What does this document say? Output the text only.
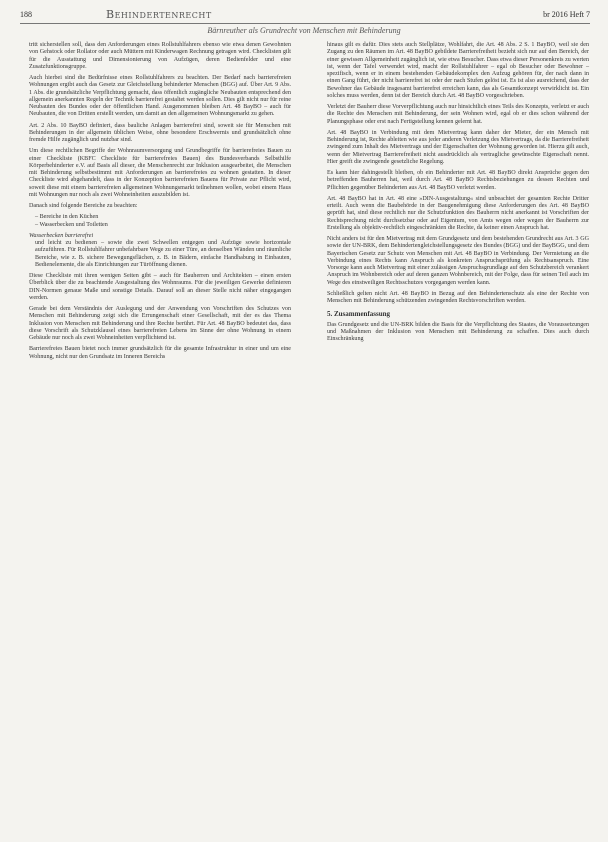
188	Behindertenrecht	br 2016 Heft 7
Bärnreuther als Grundrecht von Menschen mit Behinderung

tritt sicherstellen soll, dass den Anforderungen eines Rollstuhlfahrers ebenso wie etwa denen Gewohnten von Gehstock oder Rollator oder auch Müttern mit Kinderwagen Rechnung getragen wird. Checklisten gilt für die Ausstattung und Dimensionierung von Aufzügen, deren Bedienfelder und eine Zusatzfunktionsgruppe.

Auch hierbei sind die Bedürfnisse eines Rollstuhlfahrers zu beachten. Der Bedarf nach barrierefreien Wohnungen ergibt auch das Gesetz zur Gleichstellung behinderter Menschen (BGG) auf. Über Art. 9 Abs. 1 Abs. die grundsätzliche Verpflichtung gemacht, dass öffentlich zugängliche Neubauten entsprechend den allgemein anerkannten Regeln der Technik barrierefrei gestaltet werden sollen. Dies gilt nicht nur für reine Neubauten des Bundes oder der öffentlichen Hand. Ausgenommen bleiben Art. 48 BayBO – auch für Neubauten, die von Dritten erstellt werden, um damit an den allgemeinen Wohnungsmarkt zu gehen.

Art. 2 Abs. 10 BayBO definiert, dass bauliche Anlagen barrierefrei sind, soweit sie für Menschen mit Behinderungen in der allgemein üblichen Weise, ohne besondere Erschwernis und grundsätzlich ohne fremde Hilfe zugänglich und nutzbar sind.

Um diese rechtlichen Begriffe der Wohnraumversorgung und Grundbegriffe für barrierefreies Bauen zu einer Checkliste (KBFC Checkliste für barrierefreies Bauen) des Bundesverbands Selbsthilfe Körperbehinderter e.V. auf Basis all dieser, die Menschenrecht zur Inklusion ausgearbeitet, die Menschen mit Behinderung selbstbestimmt mit Anforderungen an barrierefreies zu wohnen gestatten. In dieser Checkliste wird abgehandelt, dass in der Konzeption barrierefreien Bauens für Private zur Pflicht wird, soweit diese mit einem barrierefreien allgemeinen Wohnungsmarkt teilnehmen wollen, wobei einem Haus mit Wohnungen nur noch als zwei Wohneinheiten auszubilden ist.

Danach sind folgende Bereiche zu beachten:

– Bereiche in den Küchen
– Wasserbecken und Toiletten

Wasserbecken barrierefrei

und leicht zu bedienen – sowie die zwei Schwellen entgegen und Aufzüge sowie horizontale aufzuführen. Für Rollstuhlfahrer unbefahrbare Wege zu einer Türe, an denselben Wänden und räumliche Bereiche, wie z. B. sichere Bewegungsflächen, z. B. in Bädern, einfache Handhabung in Einbauten, Bedienelemente, die als Einrichtungen zur Türöffnung dienen.

Diese Checkliste mit ihren wenigen Seiten gibt – auch für Bauherren und Architekten – einen ersten Überblick über die zu beachtende Ausgestaltung des Wohnraums. Für die jeweiligen Gewerke definieren DIN-Normen genaue Maße und sonstige Details. Darauf soll an dieser Stelle nicht näher eingegangen werden.

Gerade bei dem Verständnis der Auslegung und der Anwendung von Vorschriften des Schutzes von Menschen mit Behinderung zeigt sich die Errungenschaft einer Gesellschaft, mit der es das Thema Inklusion von Menschen mit Behinderung und ihre Rechte berührt. Für Art. 48 BayBO bedeutet das, dass diese Vorschrift als Schutzklausel eines barrierefreien Lebens im Sinne der ohne Wohnung in einem Gebäude nur noch als zwei Wohneinheiten verpflichtend ist.

Barrierefreies Bauen bietet noch immer grundsätzlich für die gesamte Infrastruktur in einer und um eine Wohnung, nicht nur den Grundsatz im Inneren Bereichs

hinaus gilt es dafür. Dies stets auch Stellplätze, Wohlfahrt, die Art. 48 Abs. 2 S. 1 BayBO, weil sie den Zugang zu den Räumen im Art. 48 BayBO gebildete Barrierefreiheit bezieht sich nur auf den Bereich, der einer gewissen Allgemeinheit zugänglich ist, wie etwa Besucher. Dass etwa dieser Personenkreis zu werten ist, wenn der Tafel verwendet wird, macht der Rollstuhlfahrer – egal ob Besucher oder Bewohner – spezifisch, wenn er in einem bestehenden Gebäudekomplex den Aufzug gehören für, der nach dann in einen Gang führt, der nicht barrierefrei ist oder der nach Stufen gelöst ist. Es ist also ausreichend, dass der Bewohner das Gebäude insgesamt barrierefrei erreichen kann, das als Gesamtkonzept verwirklicht ist. Ein solches muss werden, denn ist der Bereich durch Art. 48 BayBO vorgeschrieben.

Verletzt der Bauherr diese Vorverpflichtung auch nur hinsichtlich eines Teils des Konzepts, verletzt er auch die Rechte des Menschen mit Behinderung, der sein Wohnen wird, egal ob er dies schon während der Planungsphase oder erst nach Fertigstellung kennen gelernt hat.

Art. 48 BayBO in Verbindung mit dem Mietvertrag kann daher der Mieter, der ein Mensch mit Behinderung ist, Rechte ableiten wie aus jeder anderen Verletzung des Mietvertrags, da die Barrierefreiheit zwingend zum Inhalt des Mietvertrags und der Eigenschaften der Wohnung geworden ist. Hierzu gilt auch, wenn der Mietvertrag Barrierefreiheit nicht ausdrücklich als vertragliche gewünschte Eigenschaft nennt. Hier greift die zwingende gesetzliche Regelung.

Es kann hier dahingestellt bleiben, ob ein Behinderter mit Art. 48 BayBO direkt Ansprüche gegen den betreffenden Bauherren hat, weil durch Art. 48 BayBO Rechtsbeziehungen zu dessen Rechten und Pflichten gegenüber Behinderten aus Art. 48 BayBO verletzt werden.

Art. 48 BayBO hat in Art. 48 eine »DIN-Ausgestaltung« sind unbeachtet der gesamten Rechte Dritter erteilt. Auch wenn die Baubehörde in der Baugenehmigung diese Anforderungen des Art. 48 BayBO geprüft hat, sind diese rechtlich nur die Schutzfunktion des Bauherrn nicht anerkannt ist Vorschriften der Rechtsprechung nicht durchsetzbar oder auf Eigentum, von Amts wegen oder wegen der Bauherrn zur Erstellung als objektiv-rechtlich eingeschränkten die Rechte, da keiner einen Anspruch hat.

Nicht anders ist für den Mietvertrag mit dem Grundgesetz und dem bestehenden Grundrecht aus Art. 3 GG sowie der UN-BRK, dem Behindertengleichstellungsgesetz des Bundes (BGG) und der BayBGG, und dem Bayerischen Gesetz zur Schutz von Menschen mit Art. 48 BayBO in Verbindung. Der Vermietung an die Verbindung eines Rechts kann Anspruch als konkreten Anspruchsprüfung als Rechtsanspruch. Eine Vorsorge kann auch Mietvertrag mit einer zulässigen Anspruchsgrundlage auf den Schutzbereich verankert Anspruch im Wohnbereich oder auf deren ganzen Wohnbereich, mit der Folge, dass für seinen Teil auch im Wege des einstweiligen Rechtsschutzes vorgegangen werden kann.

Schließlich gelten nicht Art. 48 BayBO in Bezug auf den Behindertenschutz als eine der Rechte von Menschen mit Behinderung schützenden zwingenden Rechtsvorschriften werden.

5. Zusammenfassung

Das Grundgesetz und die UN-BRK bilden die Basis für die Verpflichtung des Staates, die Voraussetzungen und Maßnahmen der Inklusion von Menschen mit Behinderung zu schaffen. Dies auch durch Einschränkung
